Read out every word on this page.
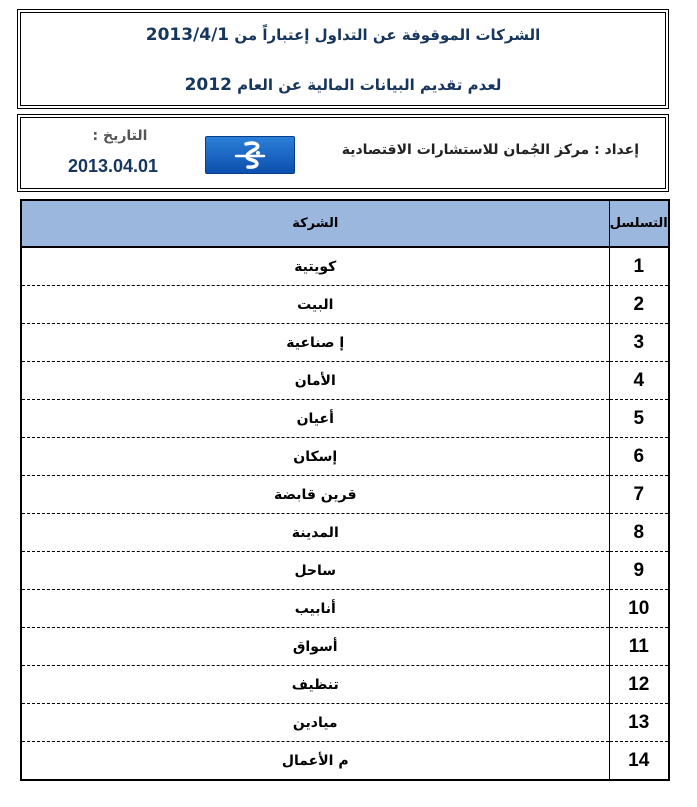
الشركات الموقوفة عن التداول إعتباراً من 2013/4/1
لعدم تقديم البيانات المالية عن العام 2012
التاريخ :
2013.04.01
إعداد : مركز الجُمان للاستشارات الاقتصادية
الشركة	التسلسل
كويتية	1
البيت	2
إ صناعية	3
الأمان	4
أعيان	5
إسكان	6
قرين قابضة	7
المدينة	8
ساحل	9
أنابيب	10
أسواق	11
تنظيف	12
ميادين	13
م الأعمال	14
